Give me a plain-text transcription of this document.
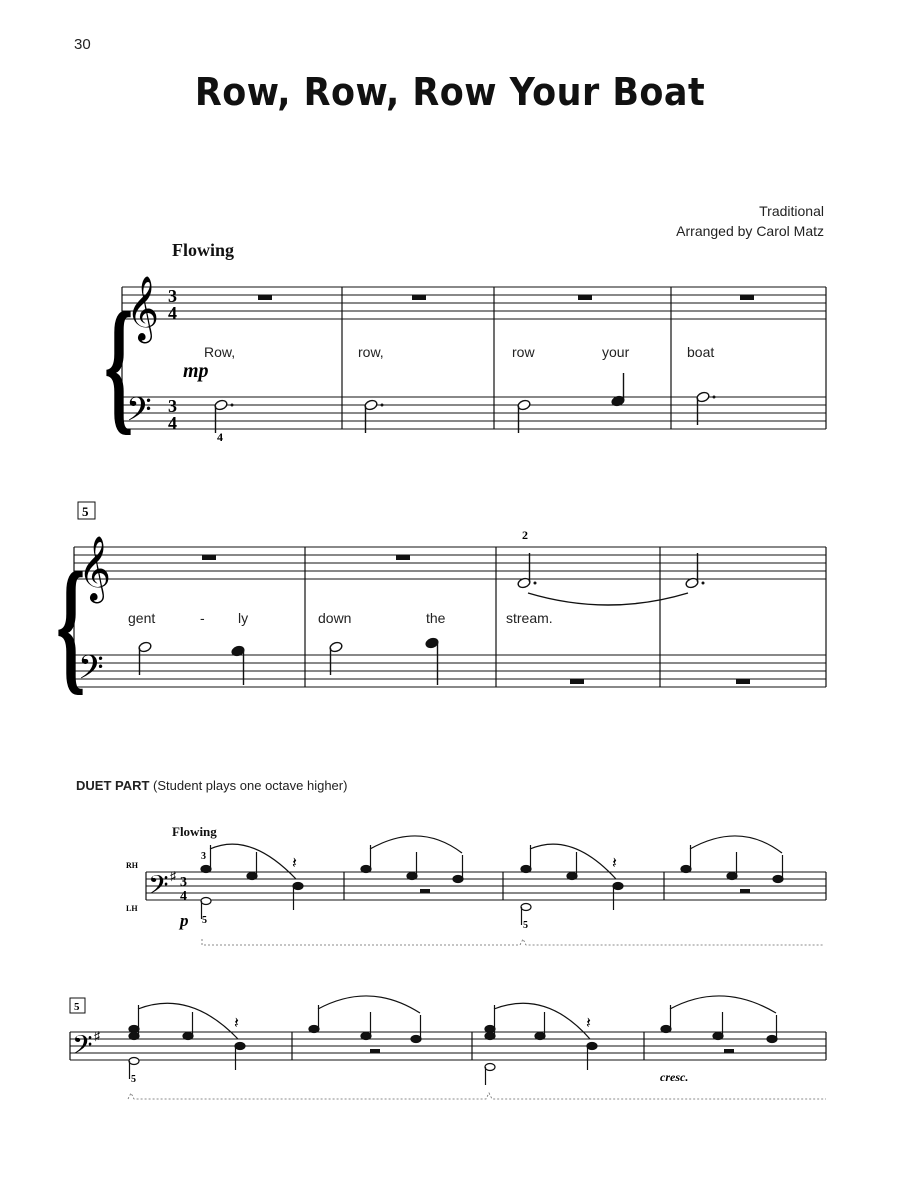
30
Row, Row, Row Your Boat
Traditional
Arranged by Carol Matz
Flowing
{
𝄞
𝄢
3
4
3
4
Row,	row,	row	your	boat
mp
4
5
{
𝄞
𝄢
gent	- ly	down	the	stream.
2
DUET PART (Student plays one octave higher)
Flowing
RH
LH
𝄢 ♯ 3
4
3
5	5
p
𝄽	𝄽
5
𝄢 ♯
5	cresc.
𝄽	𝄽
